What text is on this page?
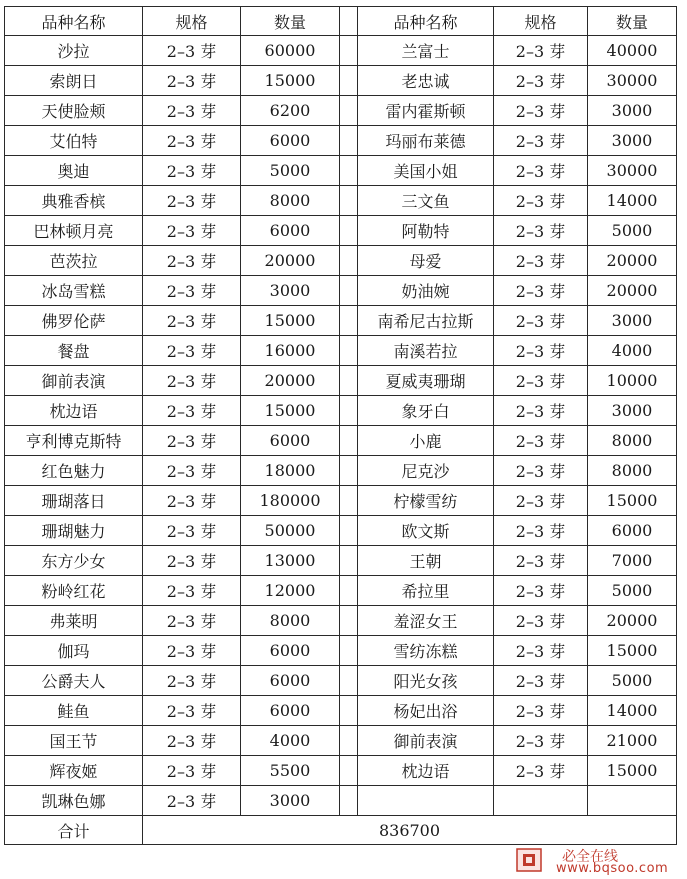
品种名称	规格	数量		品种名称	规格	数量
沙拉	2–3 芽	60000		兰富士	2–3 芽	40000
索朗日	2–3 芽	15000		老忠诚	2–3 芽	30000
天使脸颊	2–3 芽	6200		雷内霍斯顿	2–3 芽	3000
艾伯特	2–3 芽	6000		玛丽布莱德	2–3 芽	3000
奥迪	2–3 芽	5000		美国小姐	2–3 芽	30000
典雅香槟	2–3 芽	8000		三文鱼	2–3 芽	14000
巴林顿月亮	2–3 芽	6000		阿勒特	2–3 芽	5000
芭茨拉	2–3 芽	20000		母爱	2–3 芽	20000
冰岛雪糕	2–3 芽	3000		奶油婉	2–3 芽	20000
佛罗伦萨	2–3 芽	15000		南希尼古拉斯	2–3 芽	3000
餐盘	2–3 芽	16000		南溪若拉	2–3 芽	4000
御前表演	2–3 芽	20000		夏威夷珊瑚	2–3 芽	10000
枕边语	2–3 芽	15000		象牙白	2–3 芽	3000
亨利博克斯特	2–3 芽	6000		小鹿	2–3 芽	8000
红色魅力	2–3 芽	18000		尼克沙	2–3 芽	8000
珊瑚落日	2–3 芽	180000		柠檬雪纺	2–3 芽	15000
珊瑚魅力	2–3 芽	50000		欧文斯	2–3 芽	6000
东方少女	2–3 芽	13000		王朝	2–3 芽	7000
粉岭红花	2–3 芽	12000		希拉里	2–3 芽	5000
弗莱明	2–3 芽	8000		羞涩女王	2–3 芽	20000
伽玛	2–3 芽	6000		雪纺冻糕	2–3 芽	15000
公爵夫人	2–3 芽	6000		阳光女孩	2–3 芽	5000
鲑鱼	2–3 芽	6000		杨妃出浴	2–3 芽	14000
国王节	2–3 芽	4000		御前表演	2–3 芽	21000
辉夜姬	2–3 芽	5500		枕边语	2–3 芽	15000
凯琳色娜	2–3 芽	3000				
合计	836700					
必全在线
www.bqsoo.com
